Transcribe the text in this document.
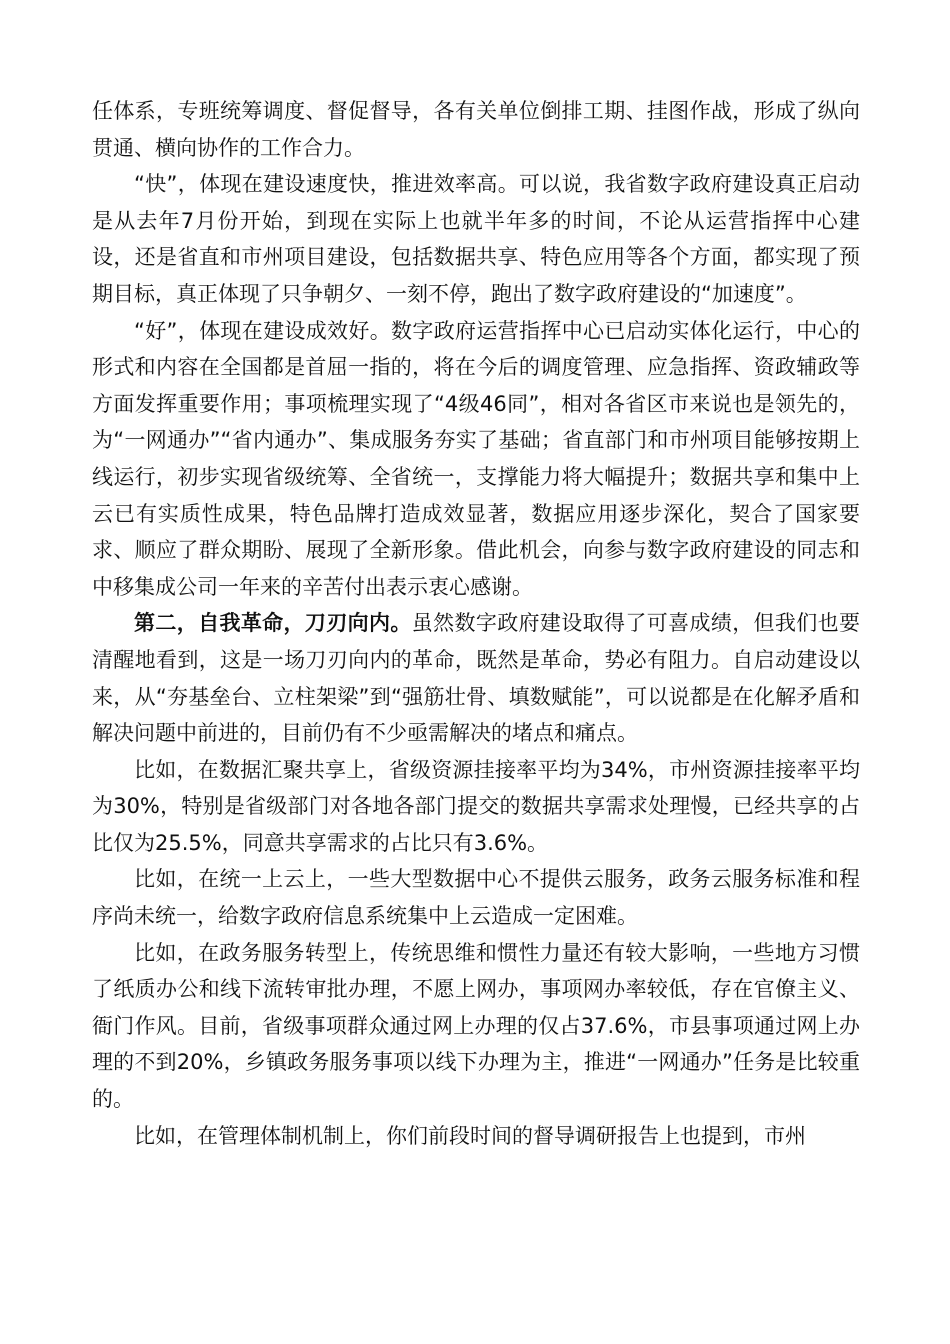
任体系，专班统筹调度、督促督导，各有关单位倒排工期、挂图作战，形成了纵向贯通、横向协作的工作合力。

“快”，体现在建设速度快，推进效率高。可以说，我省数字政府建设真正启动是从去年7月份开始，到现在实际上也就半年多的时间，不论从运营指挥中心建设，还是省直和市州项目建设，包括数据共享、特色应用等各个方面，都实现了预期目标，真正体现了只争朝夕、一刻不停，跑出了数字政府建设的“加速度”。

“好”，体现在建设成效好。数字政府运营指挥中心已启动实体化运行，中心的形式和内容在全国都是首屈一指的，将在今后的调度管理、应急指挥、资政辅政等方面发挥重要作用；事项梳理实现了“4级46同”，相对各省区市来说也是领先的，为“一网通办”“省内通办”、集成服务夯实了基础；省直部门和市州项目能够按期上线运行，初步实现省级统筹、全省统一，支撑能力将大幅提升；数据共享和集中上云已有实质性成果，特色品牌打造成效显著，数据应用逐步深化，契合了国家要求、顺应了群众期盼、展现了全新形象。借此机会，向参与数字政府建设的同志和中移集成公司一年来的辛苦付出表示衷心感谢。

第二，自我革命，刀刃向内。虽然数字政府建设取得了可喜成绩，但我们也要清醒地看到，这是一场刀刃向内的革命，既然是革命，势必有阻力。自启动建设以来，从“夯基垒台、立柱架梁”到“强筋壮骨、填数赋能”，可以说都是在化解矛盾和解决问题中前进的，目前仍有不少亟需解决的堵点和痛点。

比如，在数据汇聚共享上，省级资源挂接率平均为34%，市州资源挂接率平均为30%，特别是省级部门对各地各部门提交的数据共享需求处理慢，已经共享的占比仅为25.5%，同意共享需求的占比只有3.6%。

比如，在统一上云上，一些大型数据中心不提供云服务，政务云服务标准和程序尚未统一，给数字政府信息系统集中上云造成一定困难。

比如，在政务服务转型上，传统思维和惯性力量还有较大影响，一些地方习惯了纸质办公和线下流转审批办理，不愿上网办，事项网办率较低，存在官僚主义、衙门作风。目前，省级事项群众通过网上办理的仅占37.6%，市县事项通过网上办理的不到20%，乡镇政务服务事项以线下办理为主，推进“一网通办”任务是比较重的。

比如，在管理体制机制上，你们前段时间的督导调研报告上也提到，市州
